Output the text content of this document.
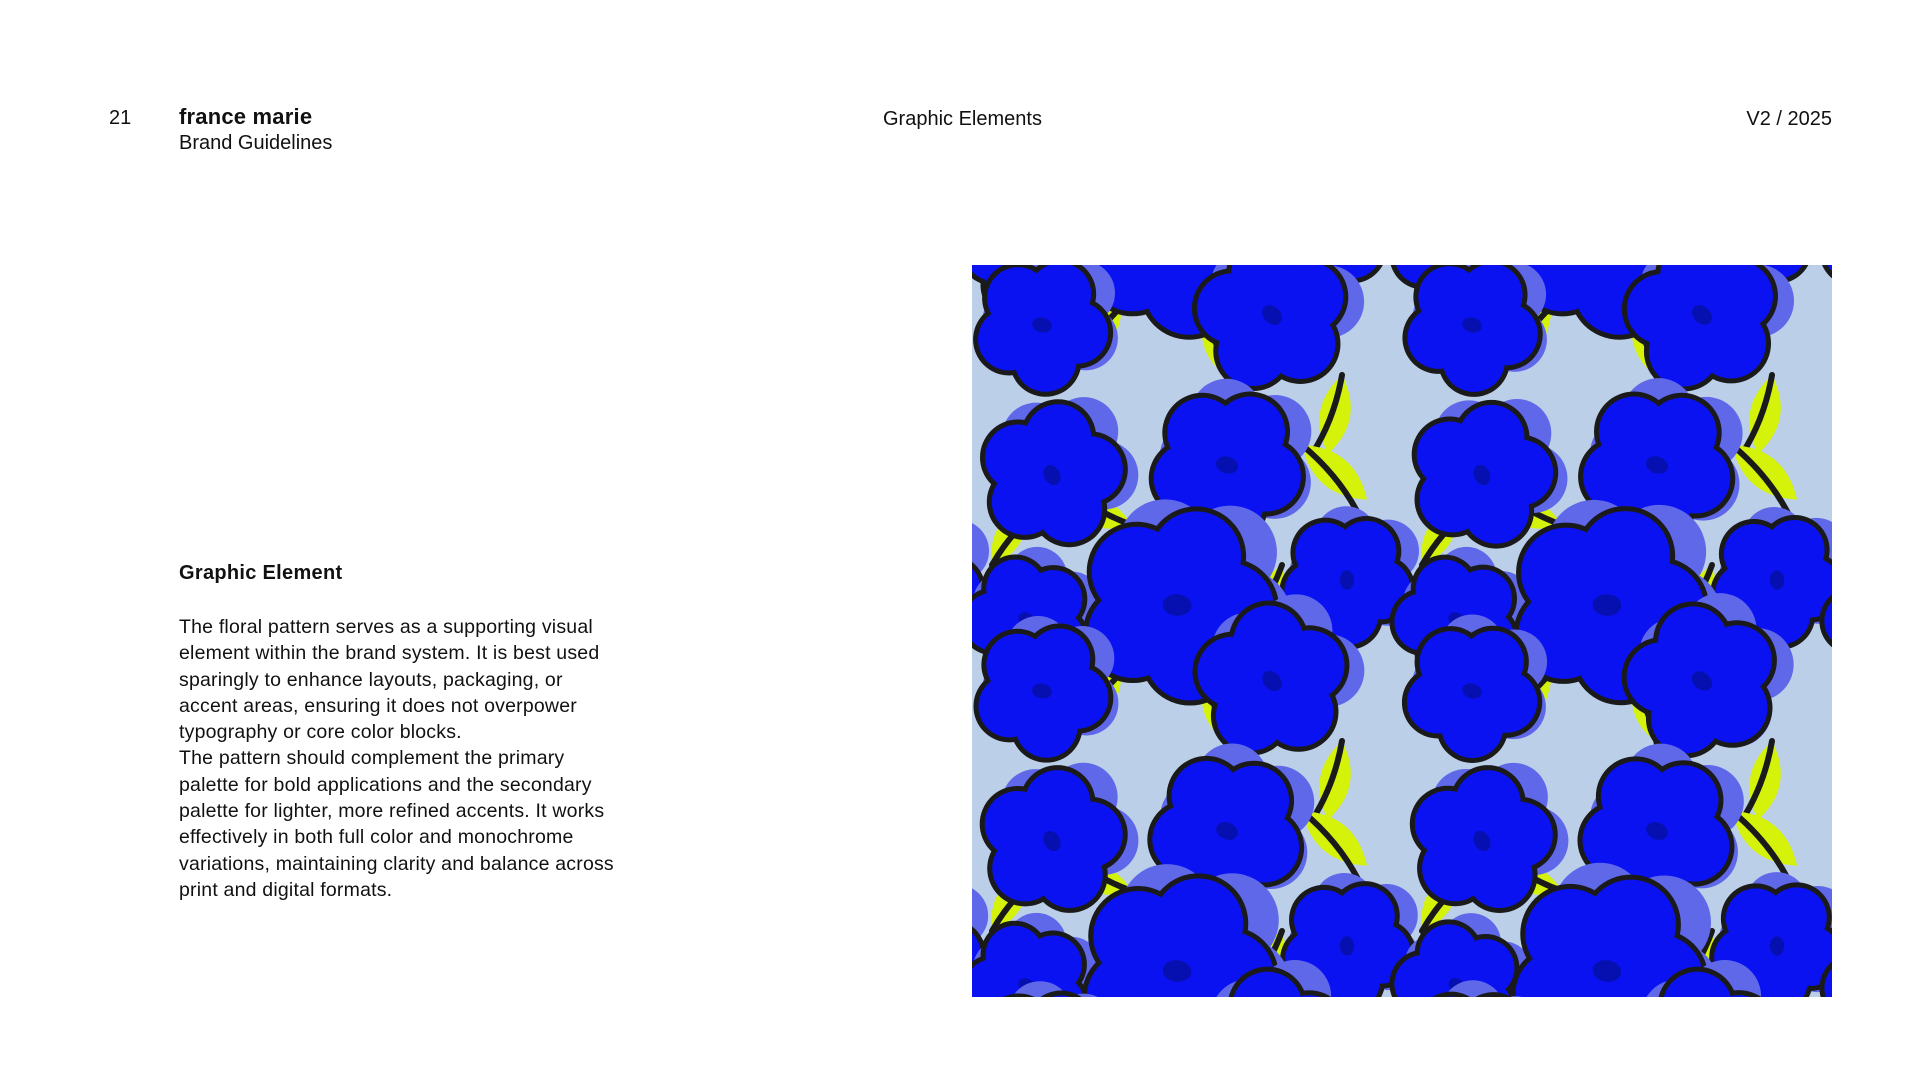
21 france marie
Brand Guidelines
Graphic Elements	V2 / 2025
Graphic Element

The floral pattern serves as a supporting visual element within the brand system. It is best used sparingly to enhance layouts, packaging, or accent areas, ensuring it does not overpower typography or core color blocks.

The pattern should complement the primary palette for bold applications and the secondary palette for lighter, more refined accents. It works effectively in both full color and monochrome variations, maintaining clarity and balance across print and digital formats.
